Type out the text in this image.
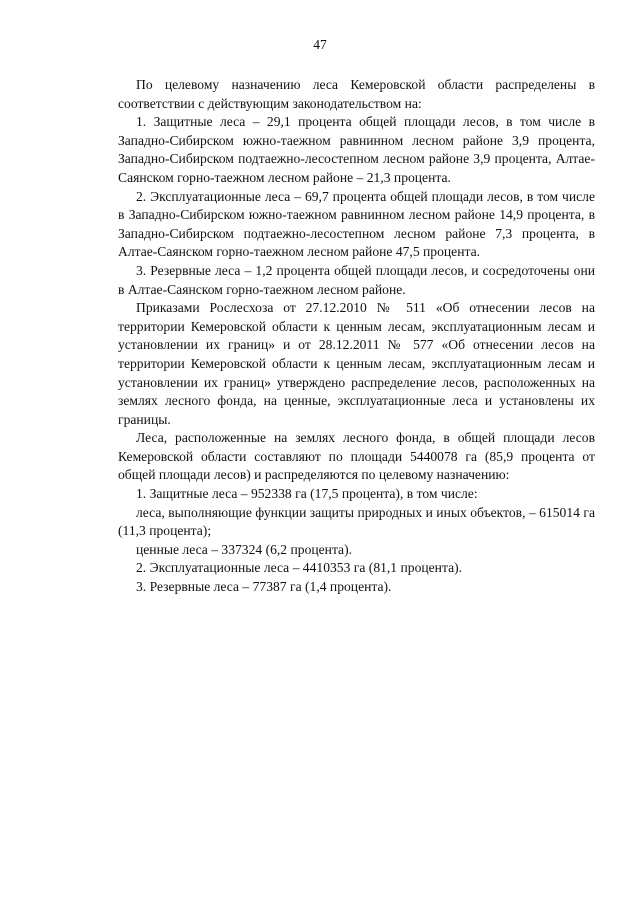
47

По целевому назначению леса Кемеровской области распределены в соответствии с действующим законодательством на:

1. Защитные леса – 29,1 процента общей площади лесов, в том числе в Западно-Сибирском южно-таежном равнинном лесном районе 3,9 процента, Западно-Сибирском подтаежно-лесостепном лесном районе 3,9 процента, Алтае-Саянском горно-таежном лесном районе – 21,3 процента.

2. Эксплуатационные леса – 69,7 процента общей площади лесов, в том числе в Западно-Сибирском южно-таежном равнинном лесном районе 14,9 процента, в Западно-Сибирском подтаежно-лесостепном лесном районе 7,3 процента, в Алтае-Саянском горно-таежном лесном районе 47,5 процента.

3. Резервные леса – 1,2 процента общей площади лесов, и сосредоточены они в Алтае-Саянском горно-таежном лесном районе.

Приказами Рослесхоза от 27.12.2010 № 511 «Об отнесении лесов на территории Кемеровской области к ценным лесам, эксплуатационным лесам и установлении их границ» и от 28.12.2011 № 577 «Об отнесении лесов на территории Кемеровской области к ценным лесам, эксплуатационным лесам и установлении их границ» утверждено распределение лесов, расположенных на землях лесного фонда, на ценные, эксплуатационные леса и установлены их границы.

Леса, расположенные на землях лесного фонда, в общей площади лесов Кемеровской области составляют по площади 5440078 га (85,9 процента от общей площади лесов) и распределяются по целевому назначению:

1. Защитные леса – 952338 га (17,5 процента), в том числе:

леса, выполняющие функции защиты природных и иных объектов, – 615014 га (11,3 процента);

ценные леса – 337324 (6,2 процента).

2. Эксплуатационные леса – 4410353 га (81,1 процента).

3. Резервные леса – 77387 га (1,4 процента).
